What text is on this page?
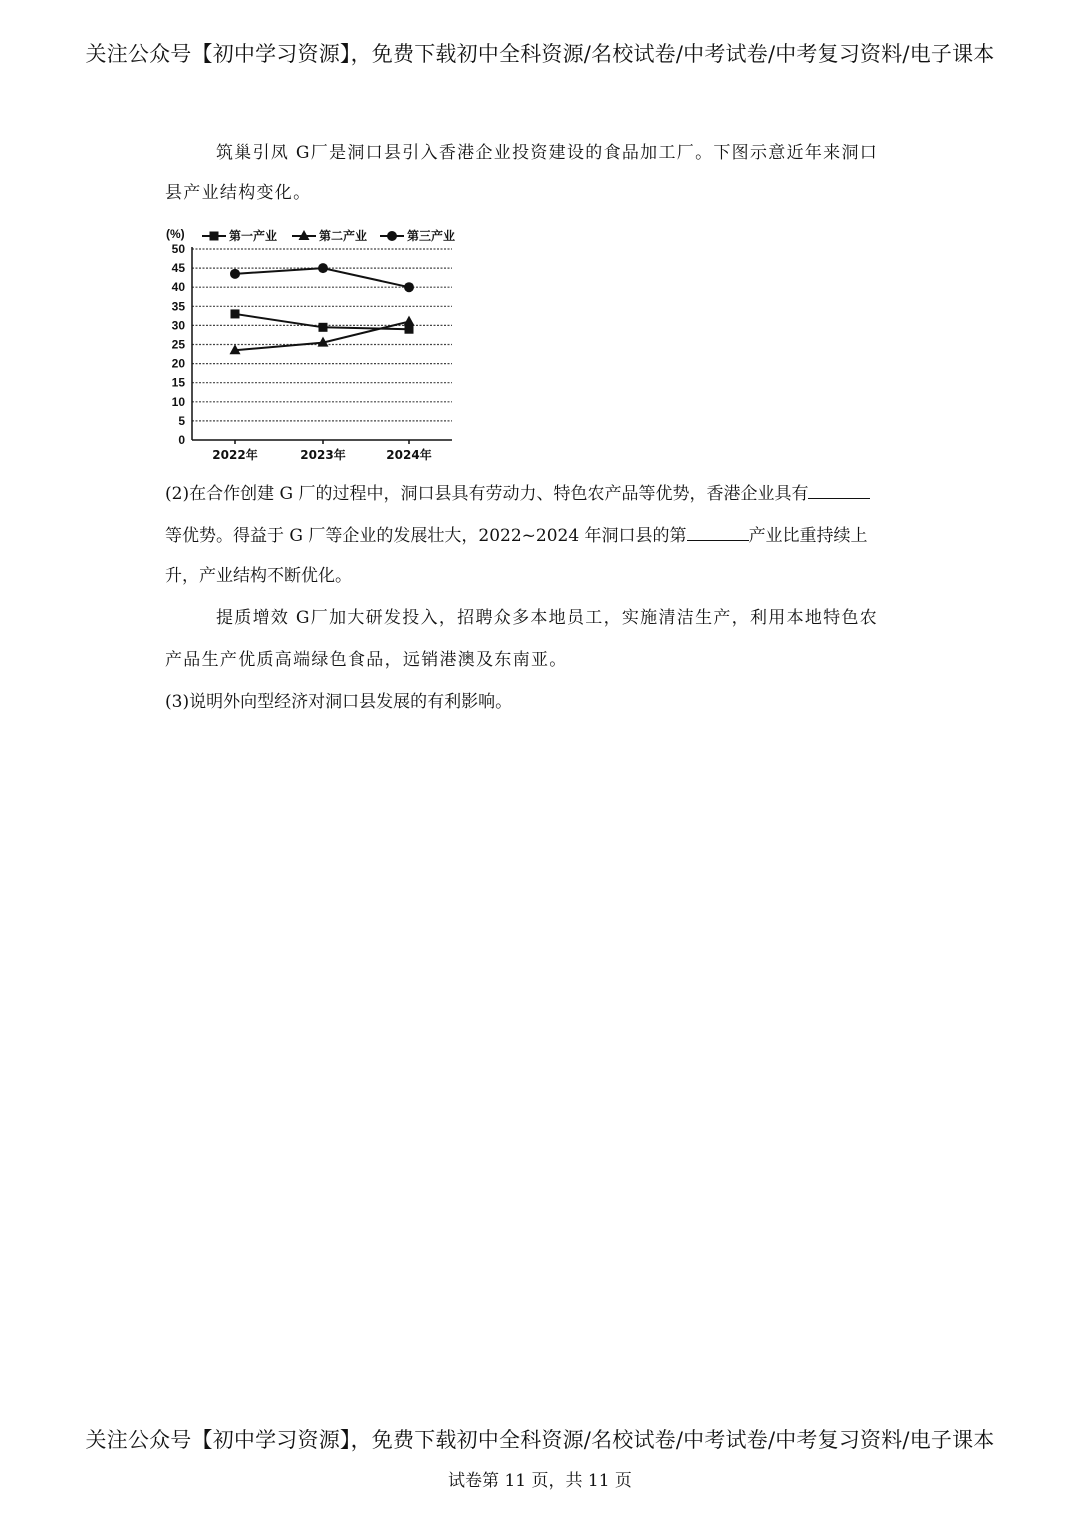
关注公众号【初中学习资源】，免费下载初中全科资源/名校试卷/中考试卷/中考复习资料/电子课本
筑巢引凤 G厂是洞口县引入香港企业投资建设的食品加工厂。下图示意近年来洞口
县产业结构变化。
0
5
10
15
20
25
30
35
40
45
50
2022年	2023年	2024年
第一产业	第二产业	第三产业
(%)
(2)在合作创建 G 厂的过程中，洞口县具有劳动力、特色农产品等优势，香港企业具有
等优势。得益于 G 厂等企业的发展壮大，2022~2024 年洞口县的第	产业比重持续上
升，产业结构不断优化。
提质增效 G厂加大研发投入，招聘众多本地员工，实施清洁生产，利用本地特色农
产品生产优质高端绿色食品，远销港澳及东南亚。
(3)说明外向型经济对洞口县发展的有利影响。
关注公众号【初中学习资源】，免费下载初中全科资源/名校试卷/中考试卷/中考复习资料/电子课本
试卷第 11 页，共 11 页
